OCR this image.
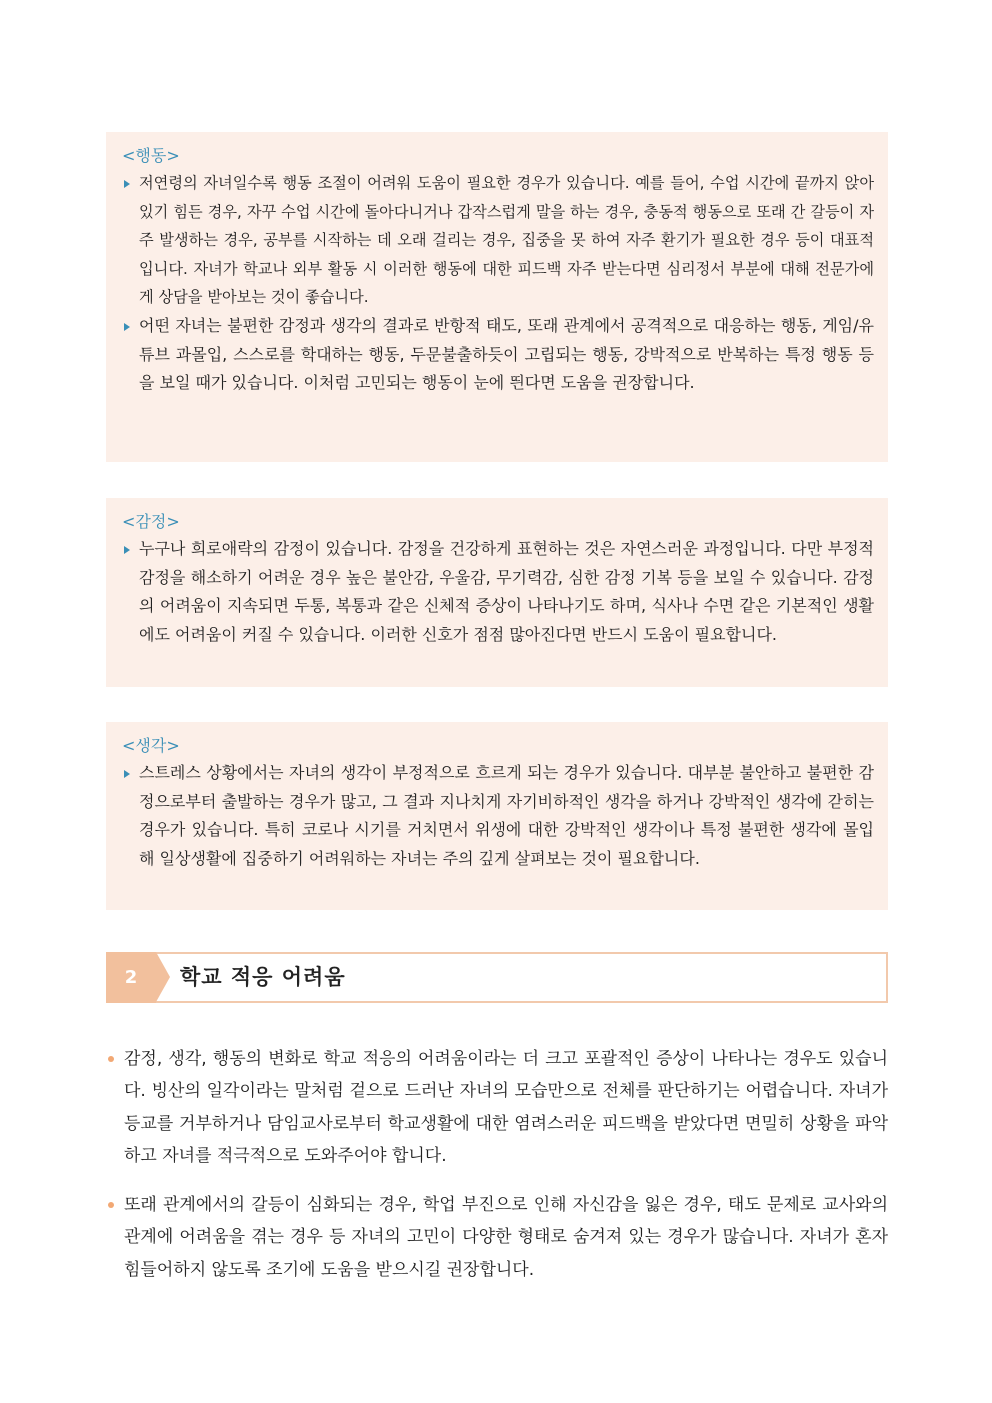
<행동>
저연령의 자녀일수록 행동 조절이 어려워 도움이 필요한 경우가 있습니다. 예를 들어, 수업 시간에 끝까지 앉아 있기 힘든 경우, 자꾸 수업 시간에 돌아다니거나 갑작스럽게 말을 하는 경우, 충동적 행동으로 또래 간 갈등이 자주 발생하는 경우, 공부를 시작하는 데 오래 걸리는 경우, 집중을 못 하여 자주 환기가 필요한 경우 등이 대표적입니다. 자녀가 학교나 외부 활동 시 이러한 행동에 대한 피드백 자주 받는다면 심리정서 부분에 대해 전문가에게 상담을 받아보는 것이 좋습니다.
어떤 자녀는 불편한 감정과 생각의 결과로 반항적 태도, 또래 관계에서 공격적으로 대응하는 행동, 게임/유튜브 과몰입, 스스로를 학대하는 행동, 두문불출하듯이 고립되는 행동, 강박적으로 반복하는 특정 행동 등을 보일 때가 있습니다. 이처럼 고민되는 행동이 눈에 띈다면 도움을 권장합니다.
<감정>
누구나 희로애락의 감정이 있습니다. 감정을 건강하게 표현하는 것은 자연스러운 과정입니다. 다만 부정적 감정을 해소하기 어려운 경우 높은 불안감, 우울감, 무기력감, 심한 감정 기복 등을 보일 수 있습니다. 감정의 어려움이 지속되면 두통, 복통과 같은 신체적 증상이 나타나기도 하며, 식사나 수면 같은 기본적인 생활에도 어려움이 커질 수 있습니다. 이러한 신호가 점점 많아진다면 반드시 도움이 필요합니다.
<생각>
스트레스 상황에서는 자녀의 생각이 부정적으로 흐르게 되는 경우가 있습니다. 대부분 불안하고 불편한 감정으로부터 출발하는 경우가 많고, 그 결과 지나치게 자기비하적인 생각을 하거나 강박적인 생각에 갇히는 경우가 있습니다. 특히 코로나 시기를 거치면서 위생에 대한 강박적인 생각이나 특정 불편한 생각에 몰입해 일상생활에 집중하기 어려워하는 자녀는 주의 깊게 살펴보는 것이 필요합니다.
2	학교 적응 어려움
감정, 생각, 행동의 변화로 학교 적응의 어려움이라는 더 크고 포괄적인 증상이 나타나는 경우도 있습니다. 빙산의 일각이라는 말처럼 겉으로 드러난 자녀의 모습만으로 전체를 판단하기는 어렵습니다. 자녀가 등교를 거부하거나 담임교사로부터 학교생활에 대한 염려스러운 피드백을 받았다면 면밀히 상황을 파악하고 자녀를 적극적으로 도와주어야 합니다.
또래 관계에서의 갈등이 심화되는 경우, 학업 부진으로 인해 자신감을 잃은 경우, 태도 문제로 교사와의 관계에 어려움을 겪는 경우 등 자녀의 고민이 다양한 형태로 숨겨져 있는 경우가 많습니다. 자녀가 혼자 힘들어하지 않도록 조기에 도움을 받으시길 권장합니다.
